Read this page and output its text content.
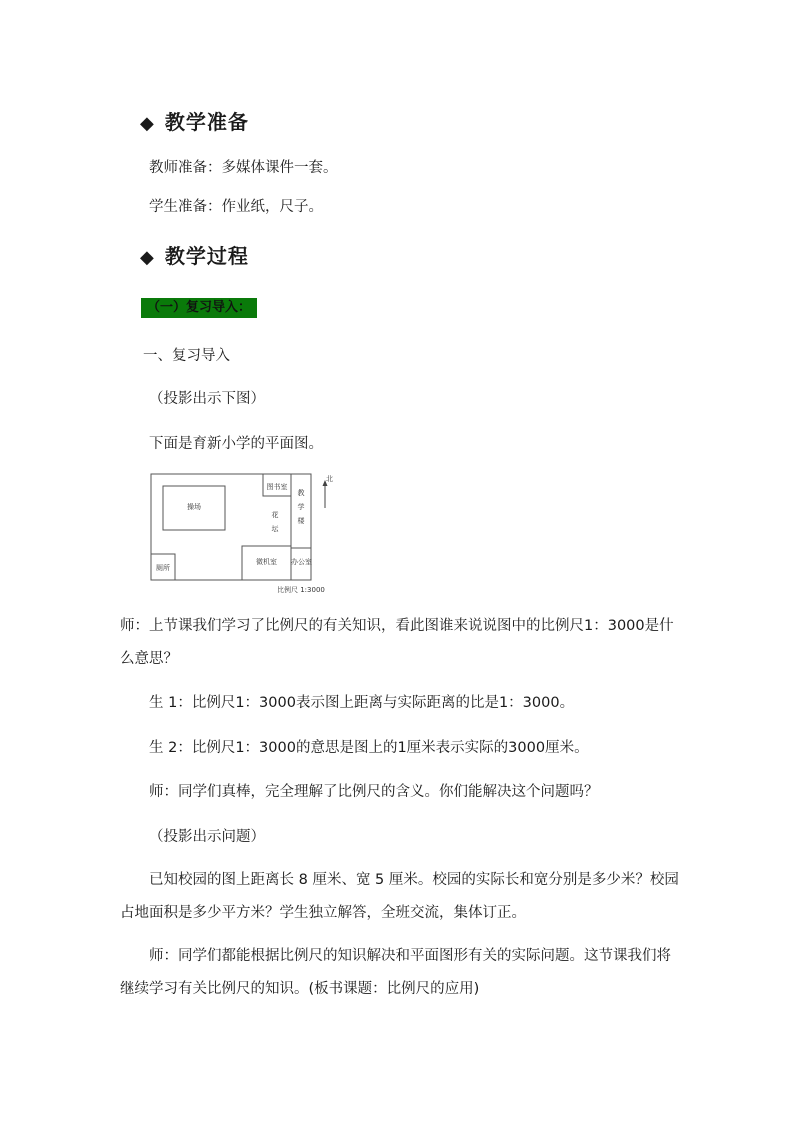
◆ 教学准备
教师准备：多媒体课件一套。
学生准备：作业纸，尺子。
◆ 教学过程
（一）复习导入：
一、复习导入
（投影出示下图）
下面是育新小学的平面图。
操场
图书室
花
坛
教
学
楼
厕所
微机室	办公室
北
比例尺 1:3000
师：上节课我们学习了比例尺的有关知识，看此图谁来说说图中的比例尺1：3000是什
么意思？
生 1：比例尺1：3000表示图上距离与实际距离的比是1：3000。
生 2：比例尺1：3000的意思是图上的1厘米表示实际的3000厘米。
师：同学们真棒，完全理解了比例尺的含义。你们能解决这个问题吗？
（投影出示问题）
已知校园的图上距离长 8 厘米、宽 5 厘米。校园的实际长和宽分别是多少米？校园
占地面积是多少平方米？学生独立解答，全班交流，集体订正。
师：同学们都能根据比例尺的知识解决和平面图形有关的实际问题。这节课我们将
继续学习有关比例尺的知识。(板书课题：比例尺的应用)
